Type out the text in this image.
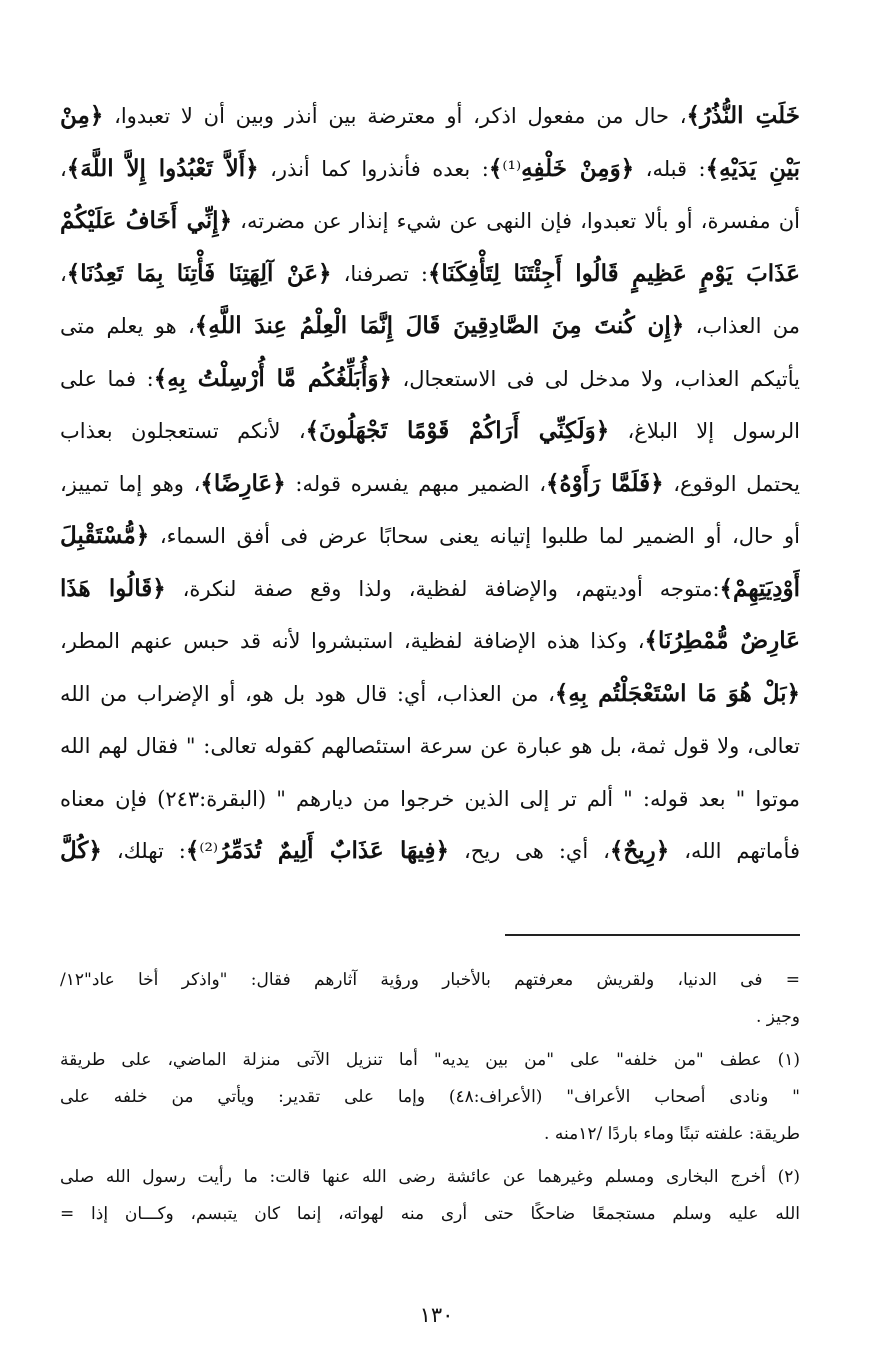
خَلَتِ النُّذُرُ﴾، حال من مفعول اذكر، أو معترضة بين أنذر وبين أن لا تعبدوا، ﴿مِنْ
بَيْنِ يَدَيْهِ﴾: قبله، ﴿وَمِنْ خَلْفِهِ⁽¹⁾﴾: بعده فأنذروا كما أنذر، ﴿أَلاَّ تَعْبُدُوا إِلاَّ اللَّهَ﴾،
أن مفسرة، أو بألا تعبدوا، فإن النهى عن شيء إنذار عن مضرته، ﴿إِنِّي أَخَافُ عَلَيْكُمْ
عَذَابَ يَوْمٍ عَظِيمٍ قَالُوا أَجِئْتَنَا لِتَأْفِكَنَا﴾: تصرفنا، ﴿عَنْ آلِهَتِنَا فَأْتِنَا بِمَا تَعِدُنَا﴾،
من العذاب، ﴿إِن كُنتَ مِنَ الصَّادِقِينَ قَالَ إِنَّمَا الْعِلْمُ عِندَ اللَّهِ﴾، هو يعلم متى
يأتيكم العذاب، ولا مدخل لى فى الاستعجال، ﴿وَأُبَلِّغُكُم مَّا أُرْسِلْتُ بِهِ﴾: فما على
الرسول إلا البلاغ، ﴿وَلَكِنِّي أَرَاكُمْ قَوْمًا تَجْهَلُونَ﴾، لأنكم تستعجلون بعذاب
يحتمل الوقوع، ﴿فَلَمَّا رَأَوْهُ﴾، الضمير مبهم يفسره قوله: ﴿عَارِضًا﴾، وهو إما تمييز،
أو حال، أو الضمير لما طلبوا إتيانه يعنى سحابًا عرض فى أفق السماء، ﴿مُّسْتَقْبِلَ
أَوْدِيَتِهِمْ﴾:متوجه أوديتهم، والإضافة لفظية، ولذا وقع صفة لنكرة، ﴿قَالُوا هَذَا
عَارِضٌ مُّمْطِرُنَا﴾، وكذا هذه الإضافة لفظية، استبشروا لأنه قد حبس عنهم المطر،
﴿بَلْ هُوَ مَا اسْتَعْجَلْتُم بِهِ﴾، من العذاب، أي: قال هود بل هو، أو الإضراب من الله
تعالى، ولا قول ثمة، بل هو عبارة عن سرعة استئصالهم كقوله تعالى: " فقال لهم الله
موتوا " بعد قوله: " ألم تر إلى الذين خرجوا من ديارهم " (البقرة:٢٤٣) فإن معناه
فأماتهم الله، ﴿رِيحٌ﴾، أي: هى ريح، ﴿فِيهَا عَذَابٌ أَلِيمٌ تُدَمِّرُ⁽²⁾﴾: تهلك، ﴿كُلَّ
= فى الدنيا، ولقريش معرفتهم بالأخبار ورؤية آثارهم فقال: "واذكر أخا عاد"١٢/
وجيز .
(١) عطف "من خلفه" على "من بين يديه" أما تنزيل الآتى منزلة الماضي، على طريقة
" ونادى أصحاب الأعراف" (الأعراف:٤٨) وإما على تقدير: ويأتي من خلفه على
طريقة: علفته تبنًا وماء باردًا /١٢منه .
(٢) أخرج البخارى ومسلم وغيرهما عن عائشة رضى الله عنها قالت: ما رأيت رسول الله صلى
الله عليه وسلم مستجمعًا ضاحكًا حتى أرى منه لهواته، إنما كان يتبسم، وكـــان إذا =
١٣٠
